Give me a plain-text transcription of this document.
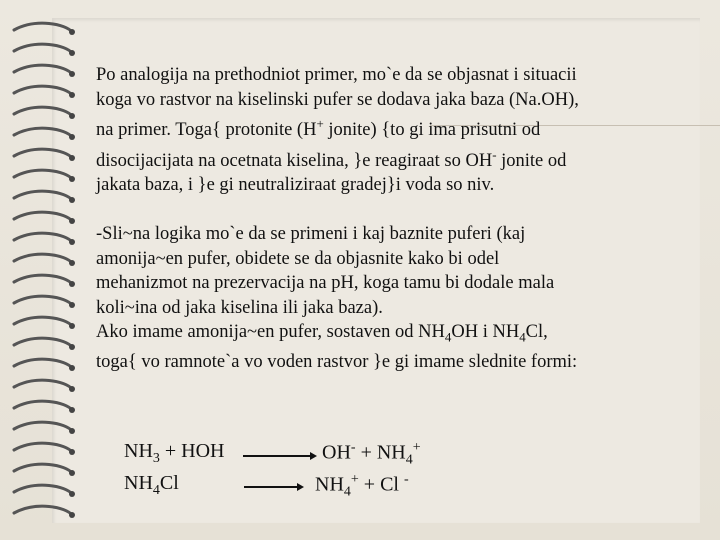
Po analogija na prethodniot primer, mo`e da se objasnat i situacii
koga vo rastvor na kiselinski pufer se dodava jaka baza (Na.OH),
na primer. Toga{ protonite (H+ jonite) {to gi ima prisutni od
disocijacijata na ocetnata kiselina, }e reagiraat so OH- jonite od
jakata baza, i }e gi neutraliziraat gradej}i voda so niv.
-Sli~na logika mo`e da se primeni i kaj baznite puferi (kaj
amonija~en pufer, obidete se da objasnite kako bi odel
mehanizmot na prezervacija na pH, koga tamu bi dodale mala
koli~ina od jaka kiselina ili jaka baza).
Ako imame amonija~en pufer, sostaven od $NH_4OH$ i $NH_4Cl$,
toga{ vo ramnote`a vo voden rastvor }e gi imame slednite formi:
$NH_3$ + HOH	$OH^- + NH_4^+$
$NH_4Cl$	→ $NH_4^+ + Cl$ -
